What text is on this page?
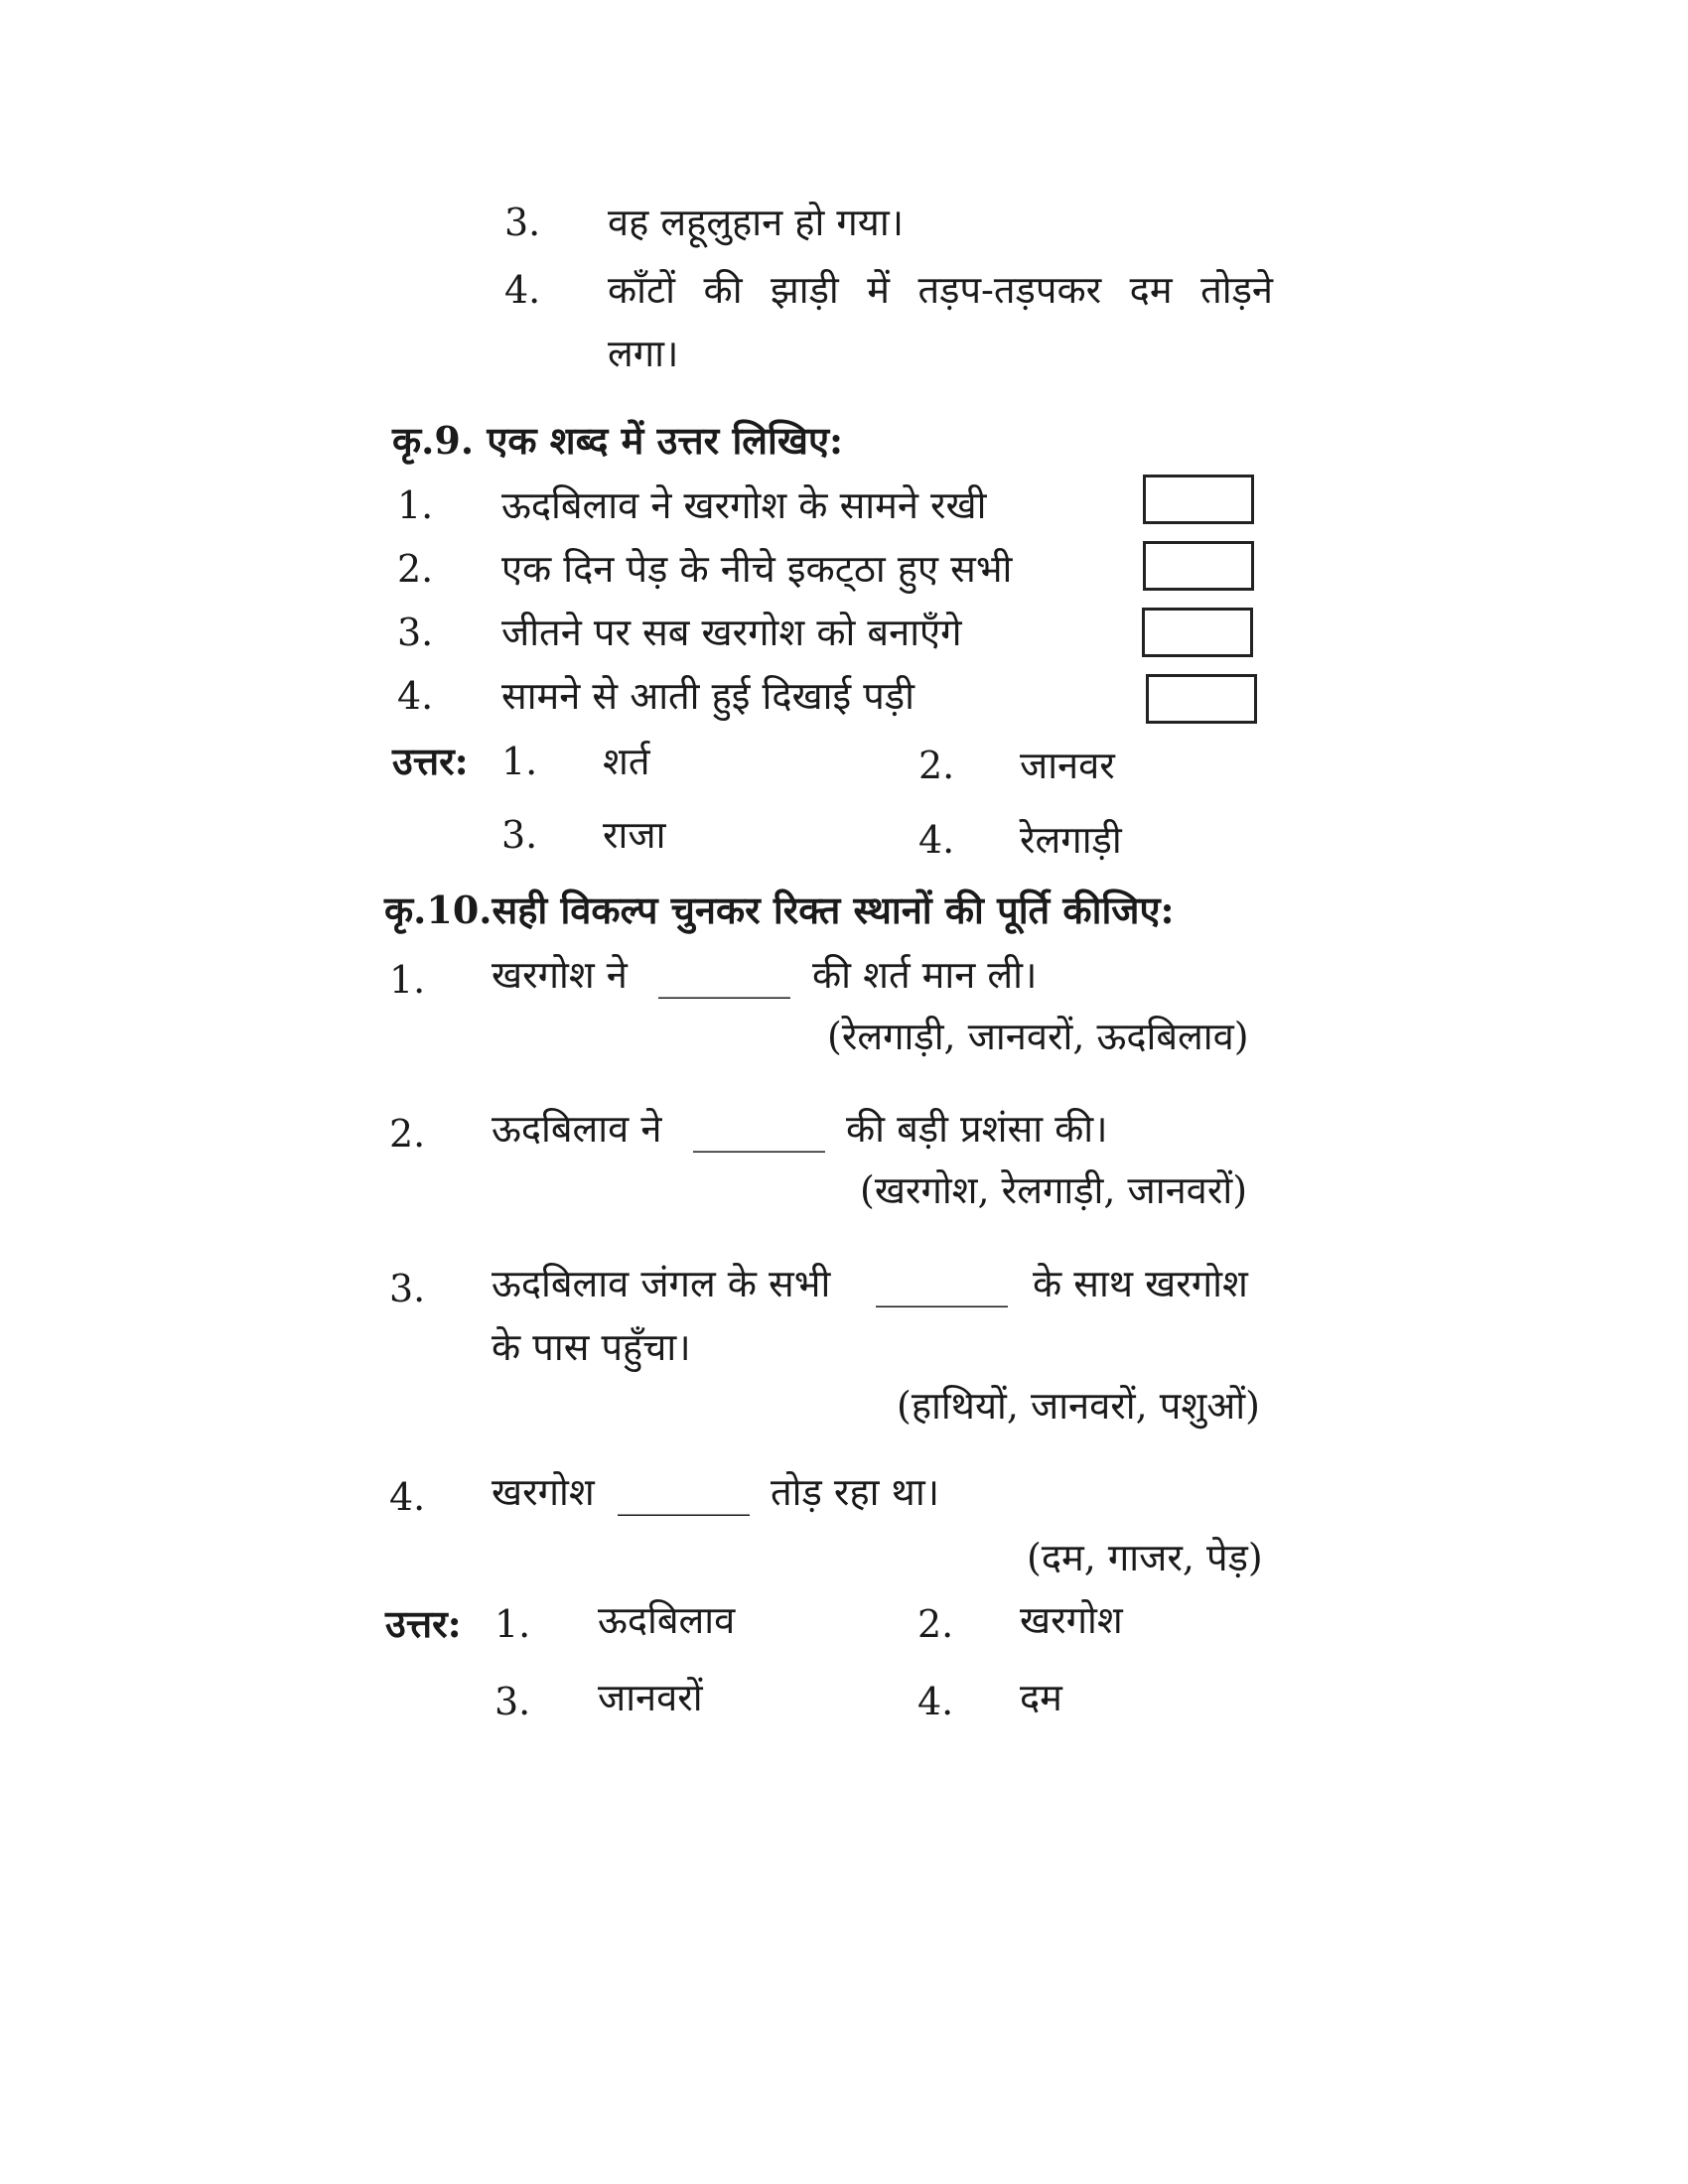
3. वह लहूलुहान हो गया।
4. काँटों की झाड़ी में तड़प-तड़पकर दम तोड़ने
लगा।
कृ.9. एक शब्द में उत्तर लिखिए:
1. ऊदबिलाव ने खरगोश के सामने रखी
2. एक दिन पेड़ के नीचे इकट्‌ठा हुए सभी
3. जीतने पर सब खरगोश को बनाएँगे
4. सामने से आती हुई दिखाई पड़ी
उत्तर: 1. शर्त	2. जानवर
3. राजा	4. रेलगाड़ी
कृ.10.सही विकल्प चुनकर रिक्त स्थानों की पूर्ति कीजिए:
1. खरगोश ने _______ की शर्त मान ली।
(रेलगाड़ी, जानवरों, ऊदबिलाव)
2. ऊदबिलाव ने _______ की बड़ी प्रशंसा की।
(खरगोश, रेलगाड़ी, जानवरों)
3. ऊदबिलाव जंगल के सभी _______ के साथ खरगोश
के पास पहुँचा।
(हाथियों, जानवरों, पशुओं)
4. खरगोश _______ तोड़ रहा था।
(दम, गाजर, पेड़)
उत्तर: 1. ऊदबिलाव	2. खरगोश
3. जानवरों	4. दम
